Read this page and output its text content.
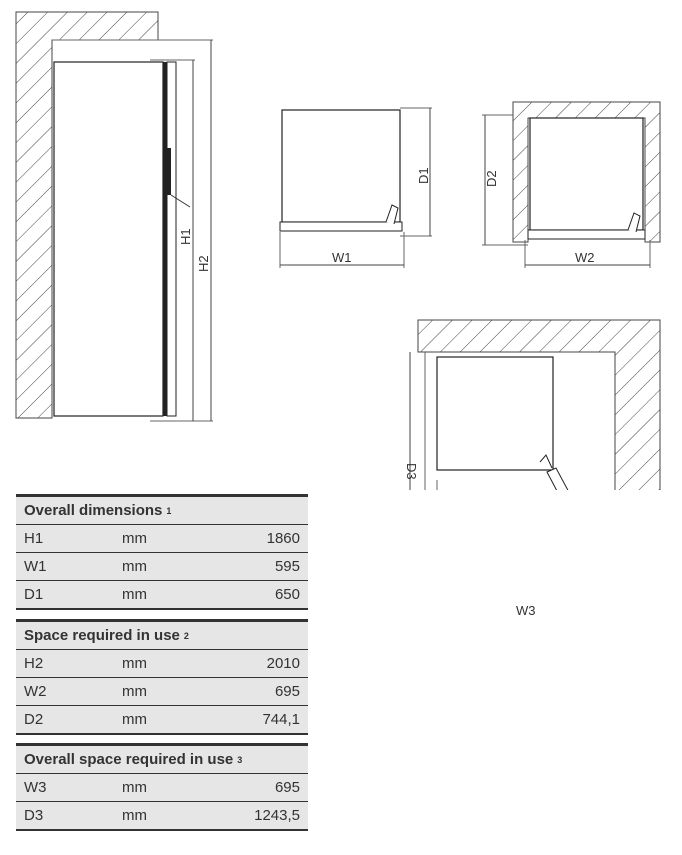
H1
H2	W1
D1
W2
D2
W3
D3
Overall dimensions 1
H1	mm	1860
W1	mm	595
D1	mm	650
Space required in use 2
H2	mm	2010
W2	mm	695
D2	mm	744,1
Overall space required in use 3
W3	mm	695
D3	mm	1243,5
